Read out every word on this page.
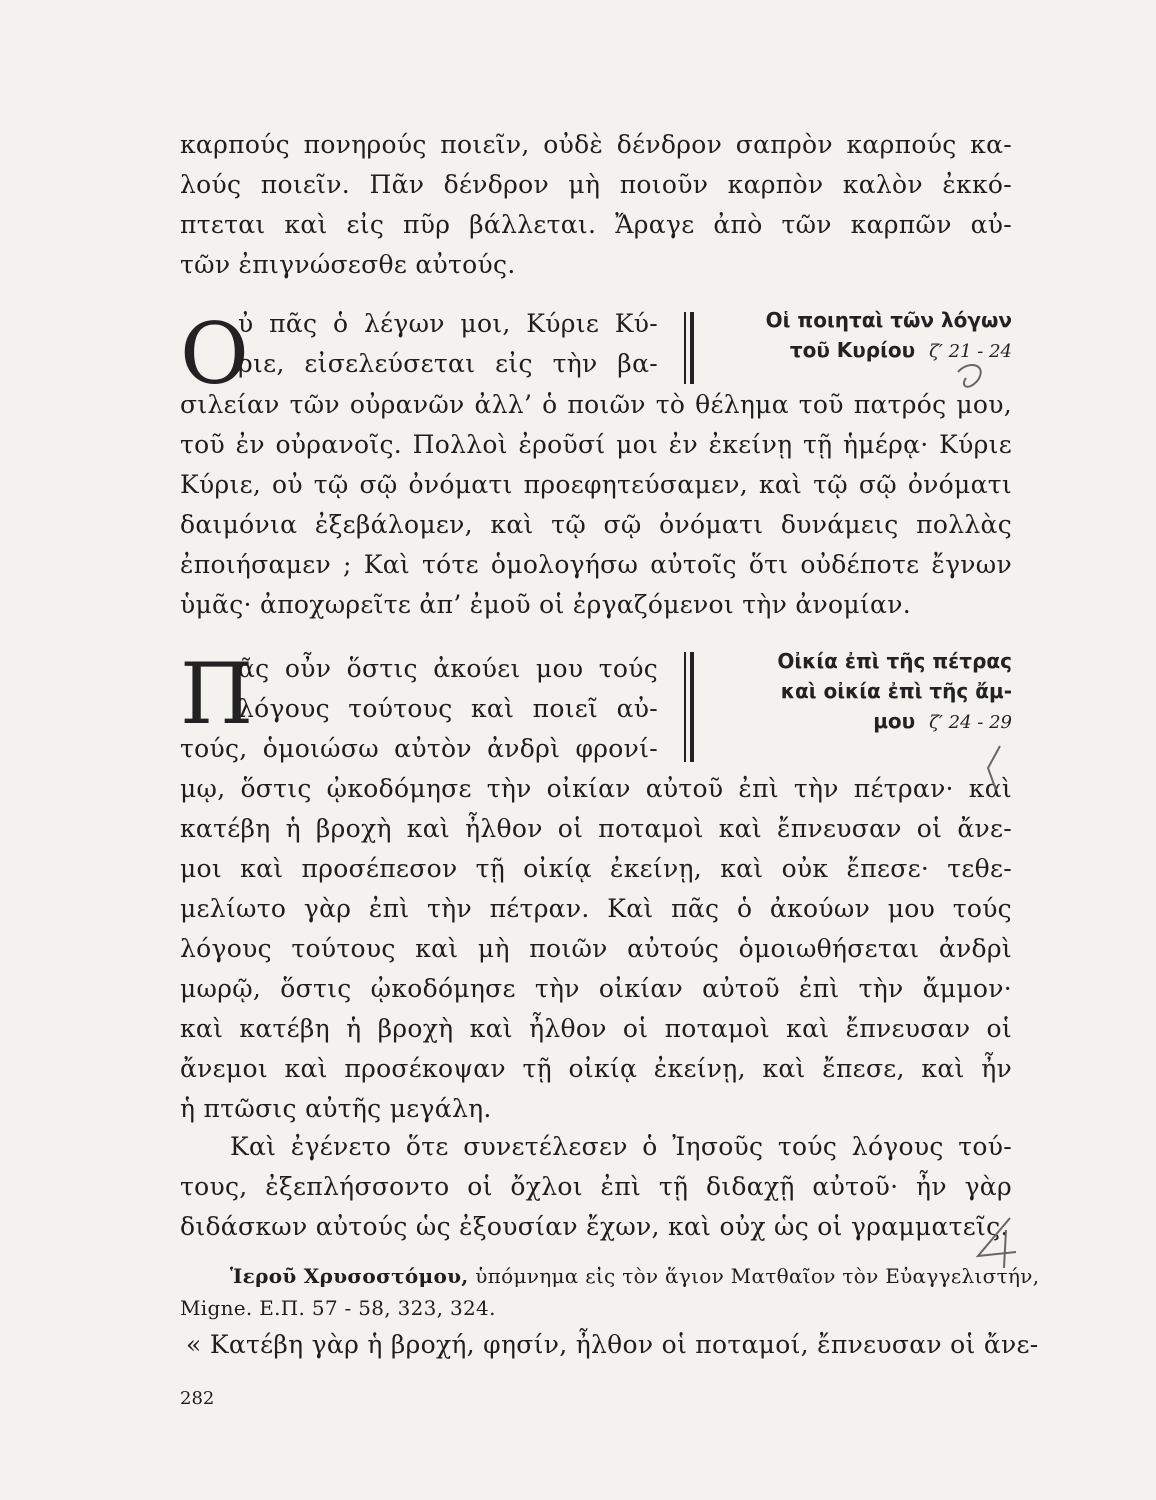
καρπούς πονηρούς ποιεῖν, οὐδὲ δένδρον σαπρὸν καρπούς κα-
λούς ποιεῖν. Πᾶν δένδρον μὴ ποιοῦν καρπὸν καλὸν ἐκκό-
πτεται καὶ εἰς πῦρ βάλλεται. Ἄραγε ἀπὸ τῶν καρπῶν αὐ-
τῶν ἐπιγνώσεσθε αὐτούς.
Ο
ὐ πᾶς ὁ λέγων μοι, Κύριε Κύ-
ριε, εἰσελεύσεται εἰς τὴν βα-
Οἱ ποιηταὶ τῶν λόγων
τοῦ Κυρίου ζ′ 21 - 24
σιλείαν τῶν οὐρανῶν ἀλλ’ ὁ ποιῶν τὸ θέλημα τοῦ πατρός μου,
τοῦ ἐν οὐρανοῖς. Πολλοὶ ἐροῦσί μοι ἐν ἐκείνῃ τῇ ἡμέρᾳ· Κύριε
Κύριε, οὐ τῷ σῷ ὀνόματι προεφητεύσαμεν, καὶ τῷ σῷ ὀνόματι
δαιμόνια ἐξεβάλομεν, καὶ τῷ σῷ ὀνόματι δυνάμεις πολλὰς
ἐποιήσαμεν ; Καὶ τότε ὁμολογήσω αὐτοῖς ὅτι οὐδέποτε ἔγνων
ὑμᾶς· ἀποχωρεῖτε ἀπ’ ἐμοῦ οἱ ἐργαζόμενοι τὴν ἀνομίαν.
Π
ᾶς οὖν ὅστις ἀκούει μου τούς
λόγους τούτους καὶ ποιεῖ αὐ-
τούς, ὁμοιώσω αὐτὸν ἀνδρὶ φρονί-
Οἰκία ἐπὶ τῆς πέτρας
καὶ οἰκία ἐπὶ τῆς ἄμ-
μου ζ′ 24 - 29
μῳ, ὅστις ᾠκοδόμησε τὴν οἰκίαν αὐτοῦ ἐπὶ τὴν πέτραν· καὶ
κατέβη ἡ βροχὴ καὶ ἦλθον οἱ ποταμοὶ καὶ ἔπνευσαν οἱ ἄνε-
μοι καὶ προσέπεσον τῇ οἰκίᾳ ἐκείνῃ, καὶ οὐκ ἔπεσε· τεθε-
μελίωτο γὰρ ἐπὶ τὴν πέτραν. Καὶ πᾶς ὁ ἀκούων μου τούς
λόγους τούτους καὶ μὴ ποιῶν αὐτούς ὁμοιωθήσεται ἀνδρὶ
μωρῷ, ὅστις ᾠκοδόμησε τὴν οἰκίαν αὐτοῦ ἐπὶ τὴν ἄμμον·
καὶ κατέβη ἡ βροχὴ καὶ ἦλθον οἱ ποταμοὶ καὶ ἔπνευσαν οἱ
ἄνεμοι καὶ προσέκοψαν τῇ οἰκίᾳ ἐκείνῃ, καὶ ἔπεσε, καὶ ἦν
ἡ πτῶσις αὐτῆς μεγάλη.
Καὶ ἐγένετο ὅτε συνετέλεσεν ὁ Ἰησοῦς τούς λόγους τού-
τους, ἐξεπλήσσοντο οἱ ὄχλοι ἐπὶ τῇ διδαχῇ αὐτοῦ· ἦν γὰρ
διδάσκων αὐτούς ὡς ἐξουσίαν ἔχων, καὶ οὐχ ὡς οἱ γραμματεῖς.
Ἱεροῦ Χρυσοστόμου, ὑπόμνημα εἰς τὸν ἅγιον Ματθαῖον τὸν Εὐαγγελιστήν,
Migne. Ε.Π. 57 - 58, 323, 324.
« Κατέβη γὰρ ἡ βροχή, φησίν, ἦλθον οἱ ποταμοί, ἔπνευσαν οἱ ἄνε-
282
